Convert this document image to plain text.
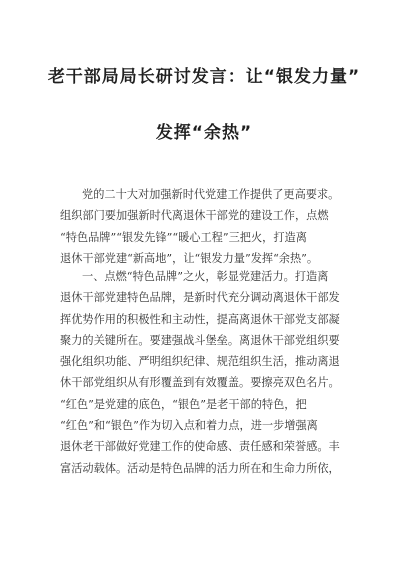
老干部局局长研讨发言：让“银发力量”
发挥“余热”
党的二十大对加强新时代党建工作提供了更高要求。
组织部门要加强新时代离退休干部党的建设工作，点燃
“特色品牌”“银发先锋”“暖心工程”三把火，打造离
退休干部党建“新高地”，让“银发力量”发挥“余热”。
一、点燃“特色品牌”之火，彰显党建活力。打造离
退休干部党建特色品牌，是新时代充分调动离退休干部发
挥优势作用的积极性和主动性，提高离退休干部党支部凝
聚力的关键所在。要建强战斗堡垒。离退休干部党组织要
强化组织功能、严明组织纪律、规范组织生活，推动离退
休干部党组织从有形覆盖到有效覆盖。要擦亮双色名片。
“红色”是党建的底色，“银色”是老干部的特色，把
“红色”和“银色”作为切入点和着力点，进一步增强离
退休老干部做好党建工作的使命感、责任感和荣誉感。丰
富活动载体。活动是特色品牌的活力所在和生命力所依，
